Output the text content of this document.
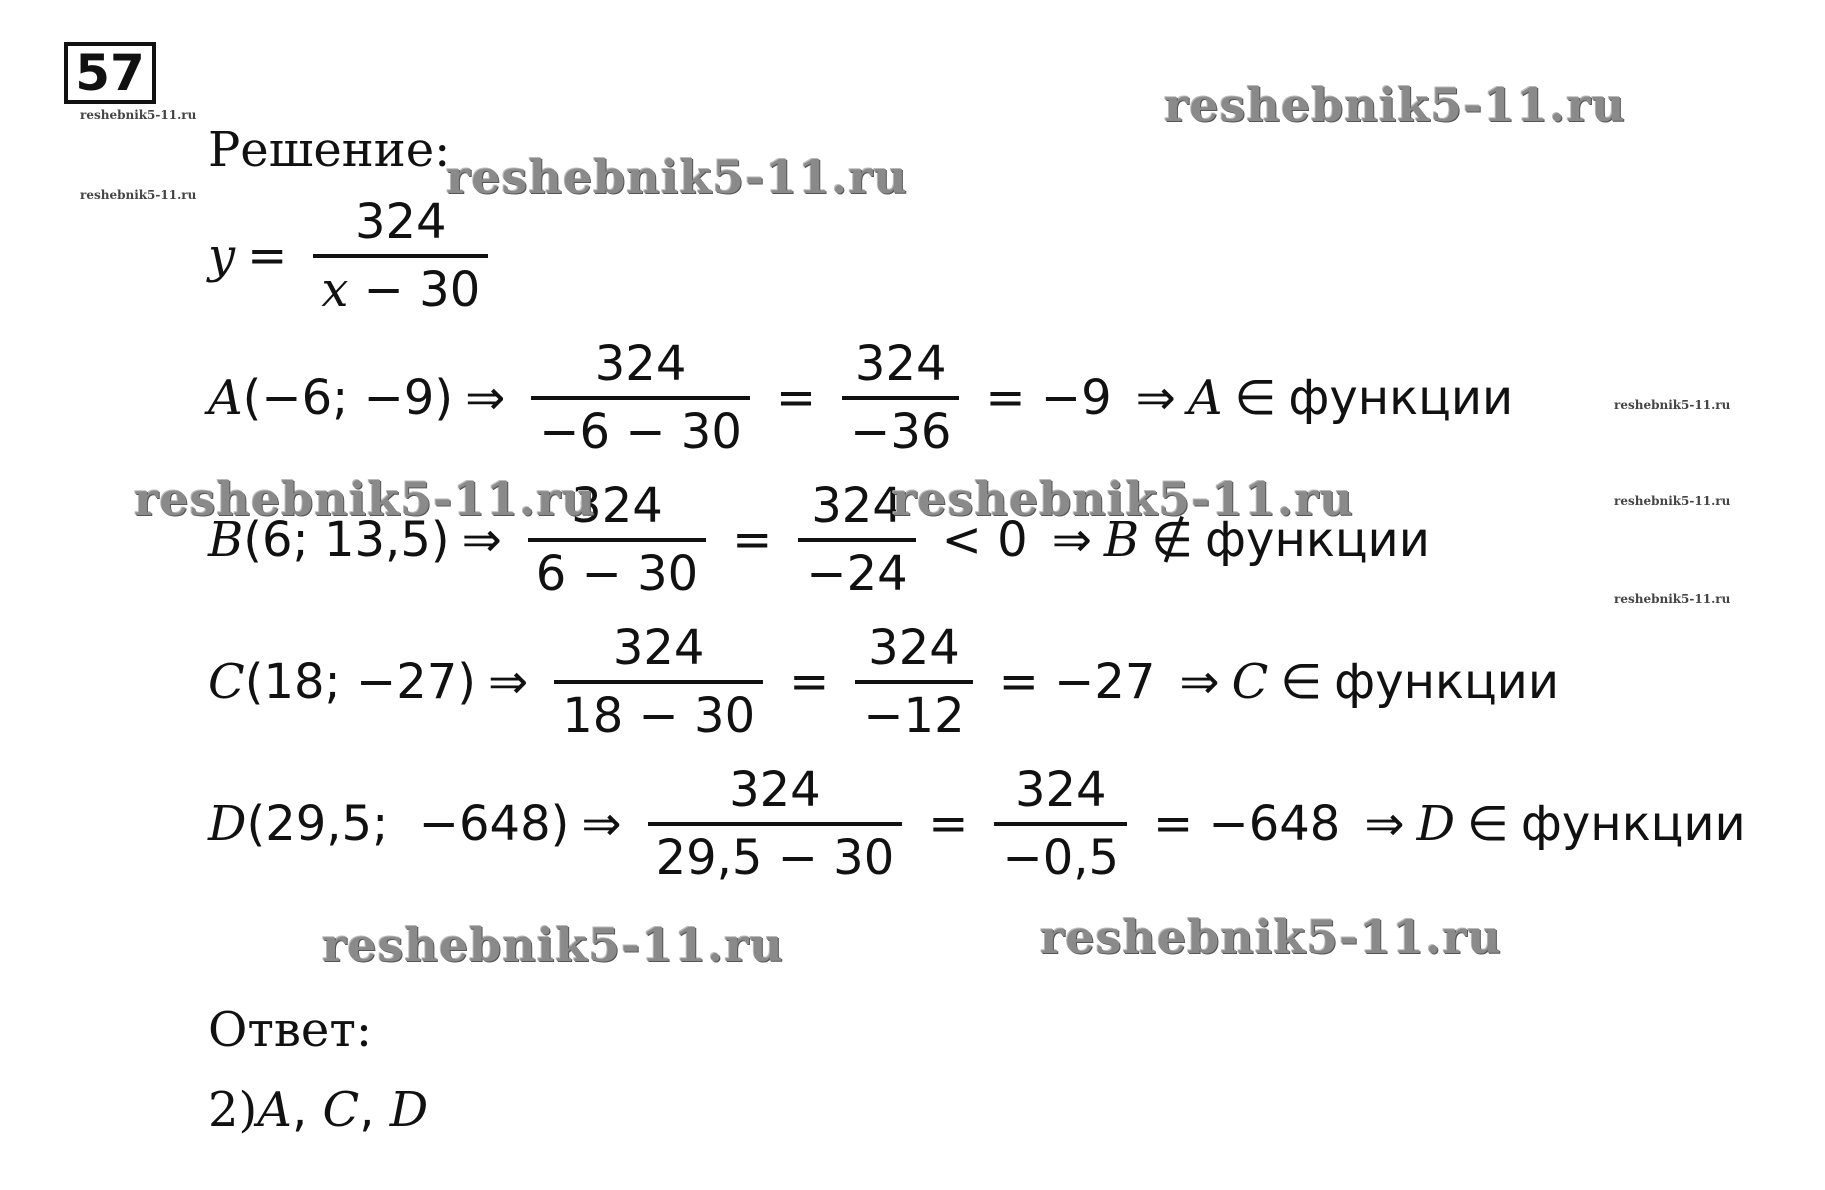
57
reshebnik5-11.ru
reshebnik5-11.ru
reshebnik5-11.ru
reshebnik5-11.ru
reshebnik5-11.ru
Решение:
$y = \frac{324}{x - 30}$
A (−6; −9) ⇒ $\frac{324}{-6 - 30} = \frac{324}{-36} = -9$ ⇒ A ∈ функции
B (6; 13,5) ⇒ $\frac{324}{6 - 30} = \frac{324}{-24} < 0$ ⇒ B ∉ функции
C (18; −27) ⇒ $\frac{324}{18 - 30} = \frac{324}{-12} = -27$ ⇒ C ∈ функции
D (29,5;  −648) ⇒ $\frac{324}{29,5 - 30} = \frac{324}{-0,5} = -648$ ⇒ D ∈ функции
Ответ:
2) A , C , D
reshebnik5-11.ru
reshebnik5-11.ru
reshebnik5-11.ru	reshebnik5-11.ru
reshebnik5-11.ru	reshebnik5-11.ru
